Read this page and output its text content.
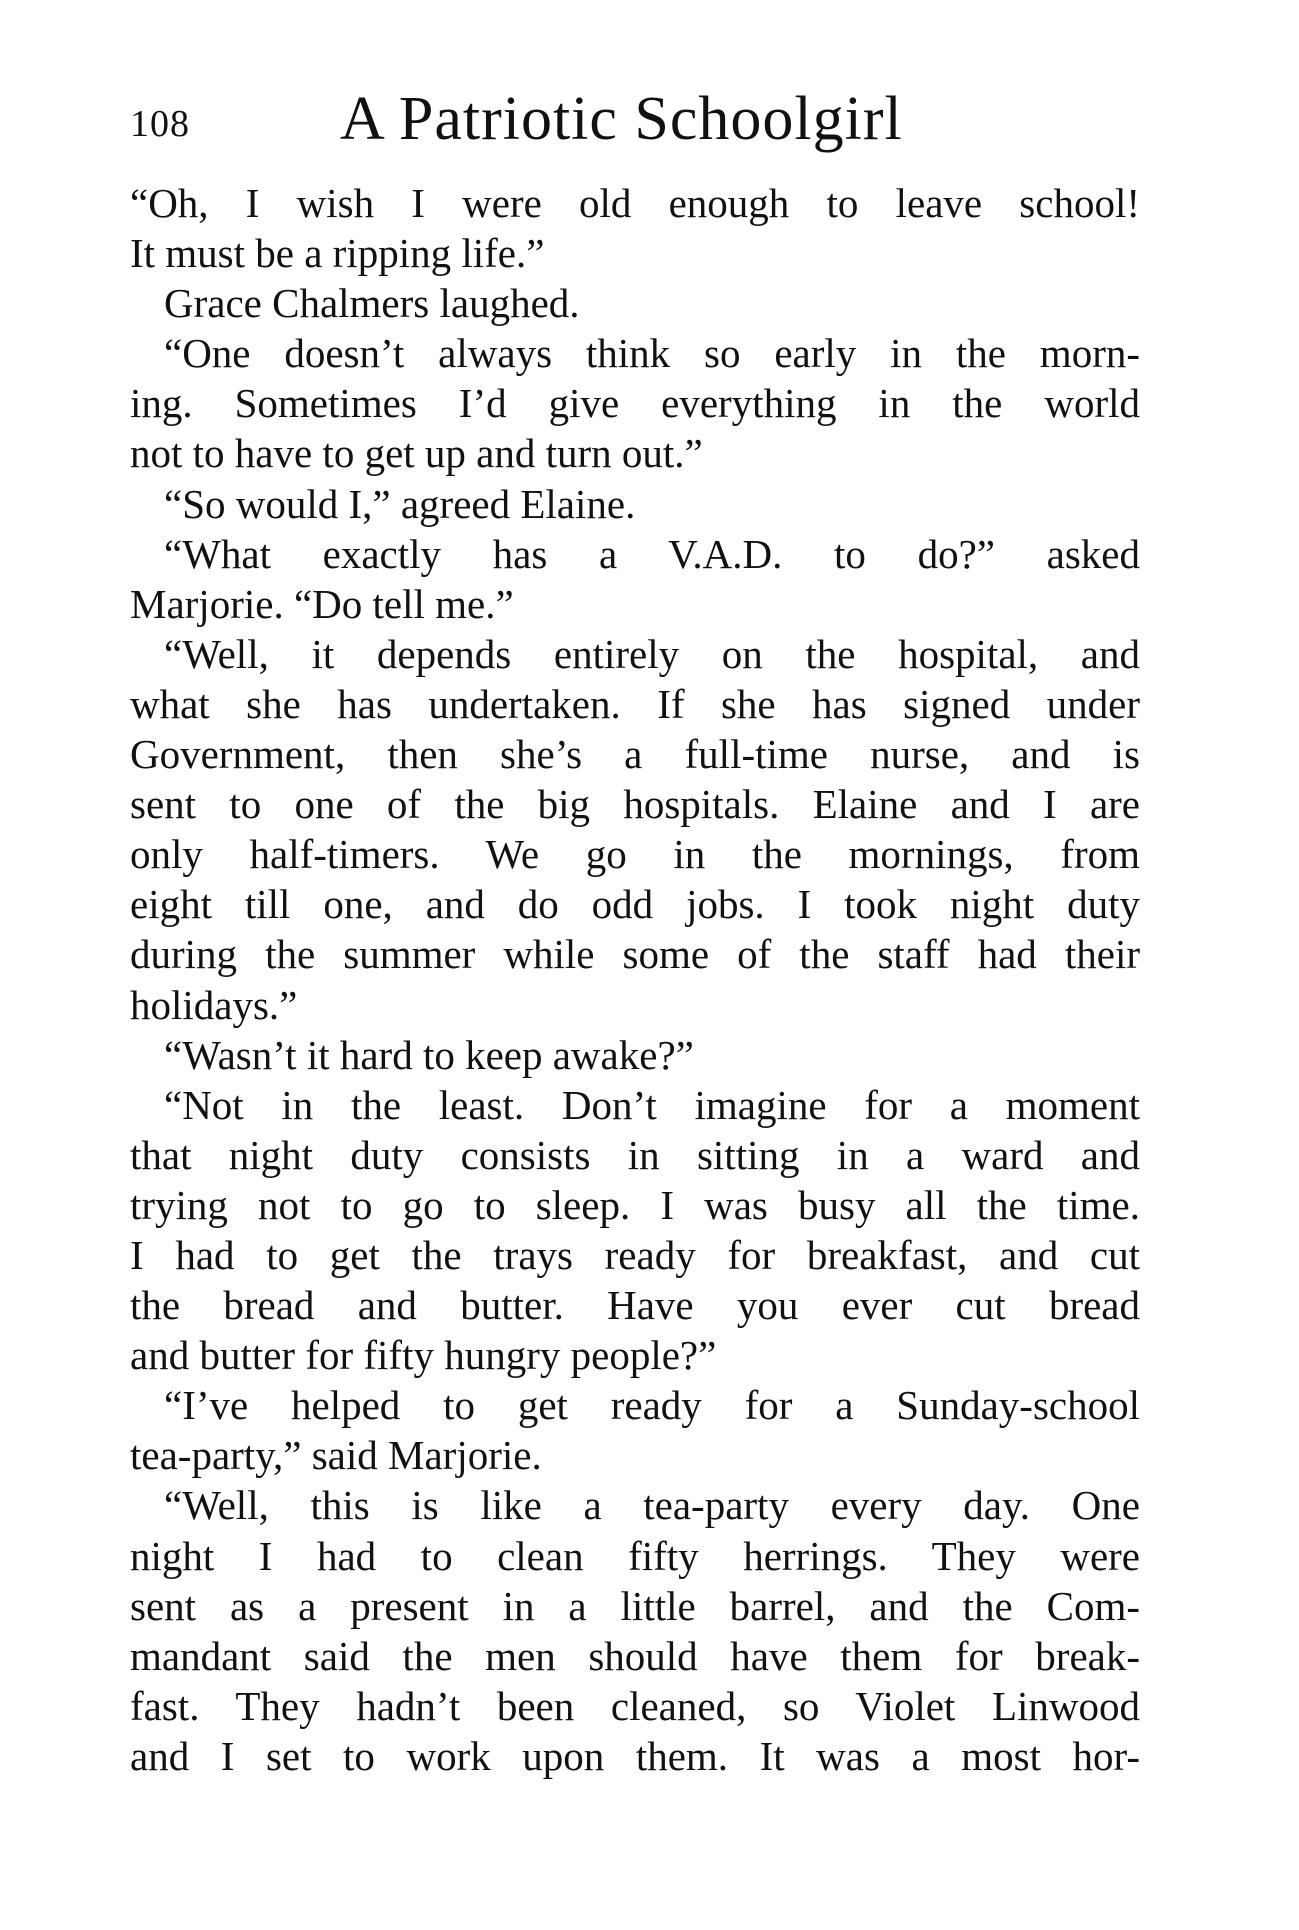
108 A Patriotic Schoolgirl
“Oh, I wish I were old enough to leave school!
It must be a ripping life.”
Grace Chalmers laughed.
“One doesn’t always think so early in the morn-
ing. Sometimes I’d give everything in the world
not to have to get up and turn out.”
“So would I,” agreed Elaine.
“What exactly has a V.A.D. to do?” asked
Marjorie. “Do tell me.”
“Well, it depends entirely on the hospital, and
what she has undertaken. If she has signed under
Government, then she’s a full-time nurse, and is
sent to one of the big hospitals. Elaine and I are
only half-timers. We go in the mornings, from
eight till one, and do odd jobs. I took night duty
during the summer while some of the staff had their
holidays.”
“Wasn’t it hard to keep awake?”
“Not in the least. Don’t imagine for a moment
that night duty consists in sitting in a ward and
trying not to go to sleep. I was busy all the time.
I had to get the trays ready for breakfast, and cut
the bread and butter. Have you ever cut bread
and butter for fifty hungry people?”
“I’ve helped to get ready for a Sunday-school
tea-party,” said Marjorie.
“Well, this is like a tea-party every day. One
night I had to clean fifty herrings. They were
sent as a present in a little barrel, and the Com-
mandant said the men should have them for break-
fast. They hadn’t been cleaned, so Violet Linwood
and I set to work upon them. It was a most hor-
